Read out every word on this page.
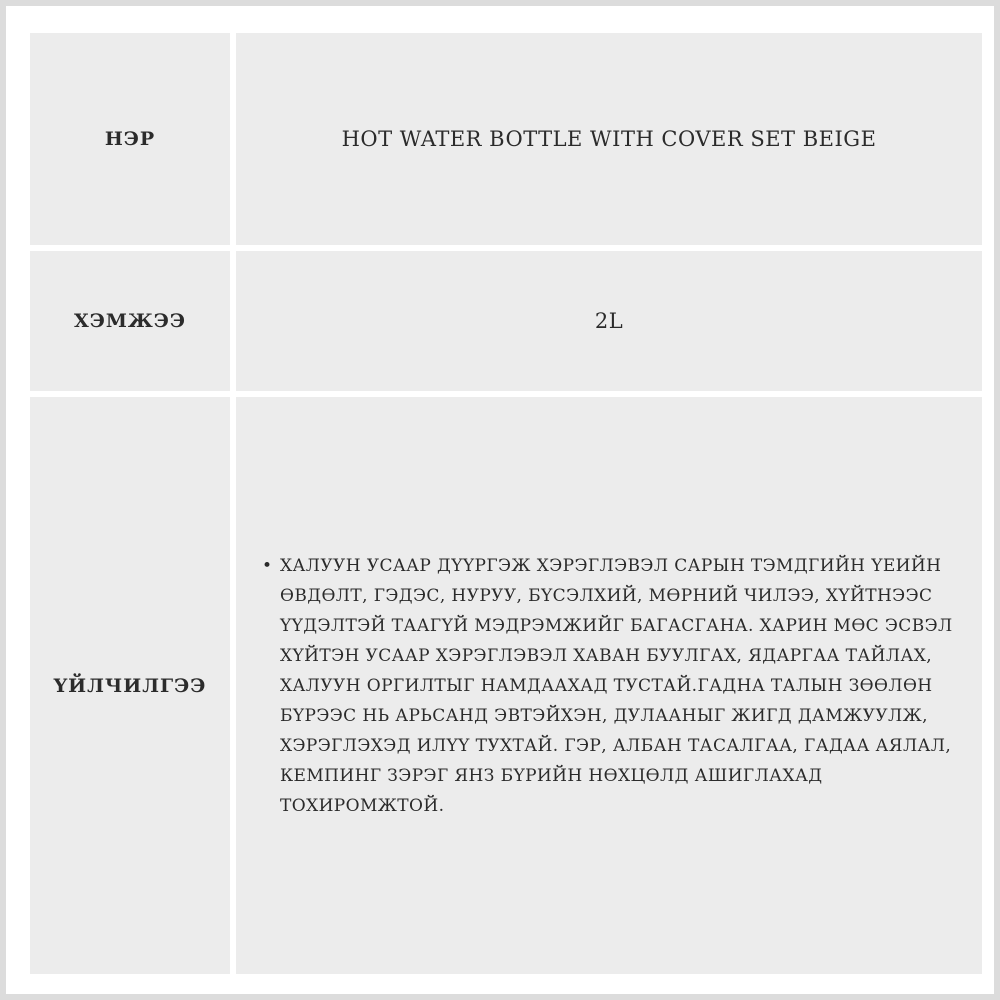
НЭР	HOT WATER BOTTLE WITH COVER SET BEIGE
ХЭМЖЭЭ	2L
ҮЙЛЧИЛГЭЭ
• ХАЛУУН УСААР ДҮҮРГЭЖ ХЭРЭГЛЭВЭЛ САРЫН ТЭМДГИЙН ҮЕИЙН ӨВДӨЛТ, ГЭДЭС, НУРУУ, БҮСЭЛХИЙ, МӨРНИЙ ЧИЛЭЭ, ХҮЙТНЭЭС ҮҮДЭЛТЭЙ ТААГҮЙ МЭДРЭМЖИЙГ БАГАСГАНА. ХАРИН МӨС ЭСВЭЛ ХҮЙТЭН УСААР ХЭРЭГЛЭВЭЛ ХАВАН БУУЛГАХ, ЯДАРГАА ТАЙЛАХ, ХАЛУУН ОРГИЛТЫГ НАМДААХАД ТУСТАЙ.ГАДНА ТАЛЫН ЗӨӨЛӨН БҮРЭЭС НЬ АРЬСАНД ЭВТЭЙХЭН, ДУЛААНЫГ ЖИГД ДАМЖУУЛЖ, ХЭРЭГЛЭХЭД ИЛҮҮ ТУХТАЙ. ГЭР, АЛБАН ТАСАЛГАА, ГАДАА АЯЛАЛ, КЕМПИНГ ЗЭРЭГ ЯНЗ БҮРИЙН НӨХЦӨЛД АШИГЛАХАД ТОХИРОМЖТОЙ.
